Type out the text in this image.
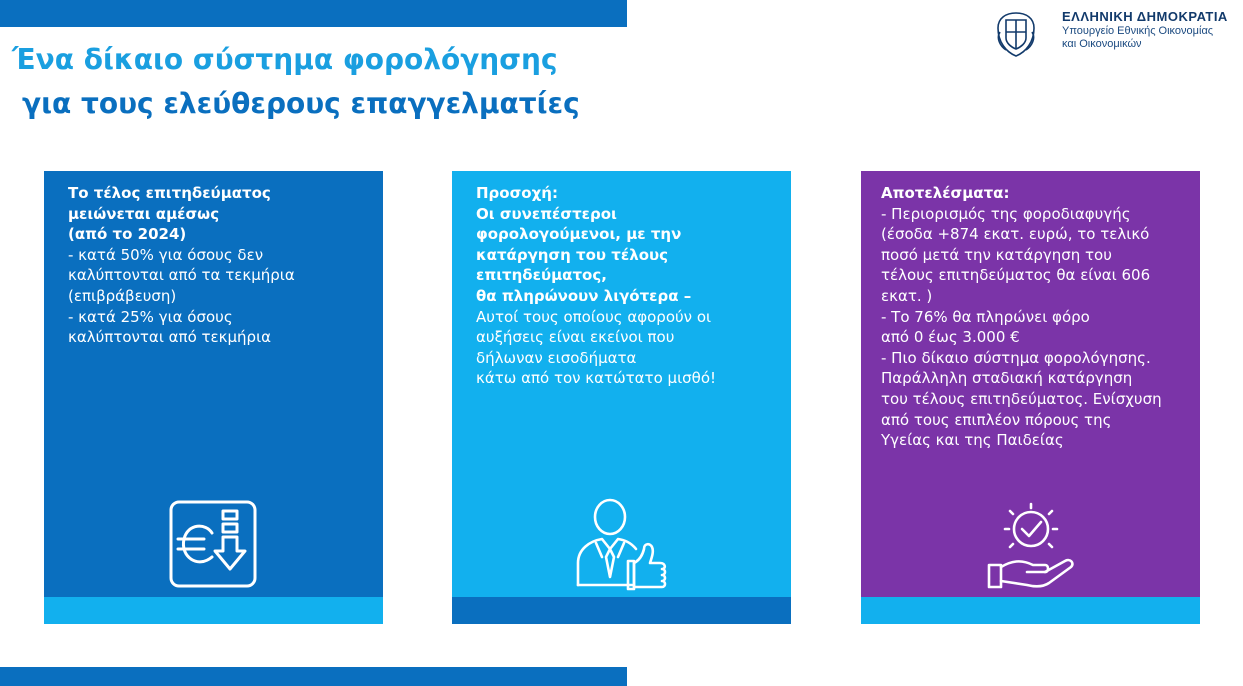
Ένα δίκαιο σύστημα φορολόγησης
για τους ελεύθερους επαγγελματίες
ΕΛΛΗΝΙΚΗ ΔΗΜΟΚΡΑΤΙΑ
Υπουργείο Εθνικής Οικονομίας
και Οικονομικών
Το τέλος επιτηδεύματος
μειώνεται αμέσως
(από το 2024)
- κατά 50% για όσους δεν
καλύπτονται από τα τεκμήρια
(επιβράβευση)
- κατά 25% για όσους
καλύπτονται από τεκμήρια
Προσοχή:
Οι συνεπέστεροι
φορολογούμενοι, με την
κατάργηση του τέλους
επιτηδεύματος,
θα πληρώνουν λιγότερα –
Αυτοί τους οποίους αφορούν οι
αυξήσεις είναι εκείνοι που
δήλωναν εισοδήματα
κάτω από τον κατώτατο μισθό!
Αποτελέσματα:
- Περιορισμός της φοροδιαφυγής
(έσοδα +874 εκατ. ευρώ, το τελικό
ποσό μετά την κατάργηση του
τέλους επιτηδεύματος θα είναι 606
εκατ. )
- Το 76% θα πληρώνει φόρο
από 0 έως 3.000 €
- Πιο δίκαιο σύστημα φορολόγησης.
Παράλληλη σταδιακή κατάργηση
του τέλους επιτηδεύματος. Ενίσχυση
από τους επιπλέον πόρους της
Υγείας και της Παιδείας
